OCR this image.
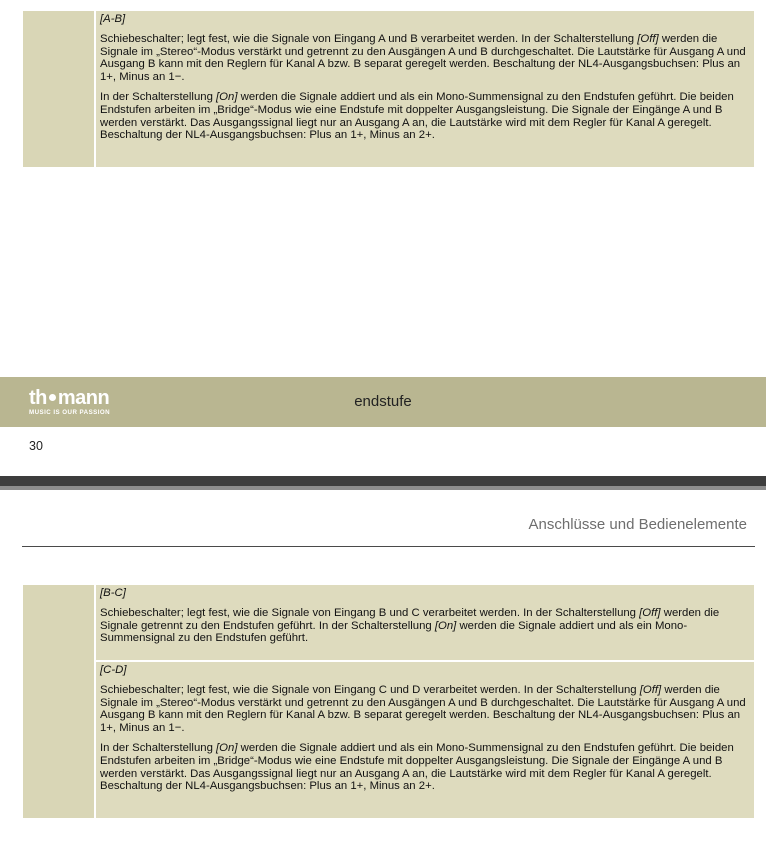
[A-B]

Schiebeschalter; legt fest, wie die Signale von Eingang A und B verarbeitet werden. In der Schalterstellung [Off] werden die Signale im „Stereo“-Modus verstärkt und getrennt zu den Ausgängen A und B durchgeschaltet. Die Lautstärke für Ausgang A und Ausgang B kann mit den Reglern für Kanal A bzw. B separat geregelt werden. Beschaltung der NL4-Ausgangsbuchsen: Plus an 1+, Minus an 1−.

In der Schalterstellung [On] werden die Signale addiert und als ein Mono-Summensignal zu den Endstufen geführt. Die beiden Endstufen arbeiten im „Bridge“-Modus wie eine Endstufe mit doppelter Ausgangsleistung. Die Signale der Eingänge A und B werden verstärkt. Das Ausgangssignal liegt nur an Ausgang A an, die Lautstärke wird mit dem Regler für Kanal A geregelt. Beschaltung der NL4-Ausgangsbuchsen: Plus an 1+, Minus an 2+.

th mann
MUSIC IS OUR PASSION
endstufe
30
Anschlüsse und Bedienelemente
[B-C]

Schiebeschalter; legt fest, wie die Signale von Eingang B und C verarbeitet werden. In der Schalterstellung [Off] werden die Signale getrennt zu den Endstufen geführt. In der Schalterstellung [On] werden die Signale addiert und als ein Mono-Summensignal zu den Endstufen geführt.

[C-D]

Schiebeschalter; legt fest, wie die Signale von Eingang C und D verarbeitet werden. In der Schalterstellung [Off] werden die Signale im „Stereo“-Modus verstärkt und getrennt zu den Ausgängen A und B durchgeschaltet. Die Lautstärke für Ausgang A und Ausgang B kann mit den Reglern für Kanal A bzw. B separat geregelt werden. Beschaltung der NL4-Ausgangsbuchsen: Plus an 1+, Minus an 1−.

In der Schalterstellung [On] werden die Signale addiert und als ein Mono-Summensignal zu den Endstufen geführt. Die beiden Endstufen arbeiten im „Bridge“-Modus wie eine Endstufe mit doppelter Ausgangsleistung. Die Signale der Eingänge A und B werden verstärkt. Das Ausgangssignal liegt nur an Ausgang A an, die Lautstärke wird mit dem Regler für Kanal A geregelt. Beschaltung der NL4-Ausgangsbuchsen: Plus an 1+, Minus an 2+.
